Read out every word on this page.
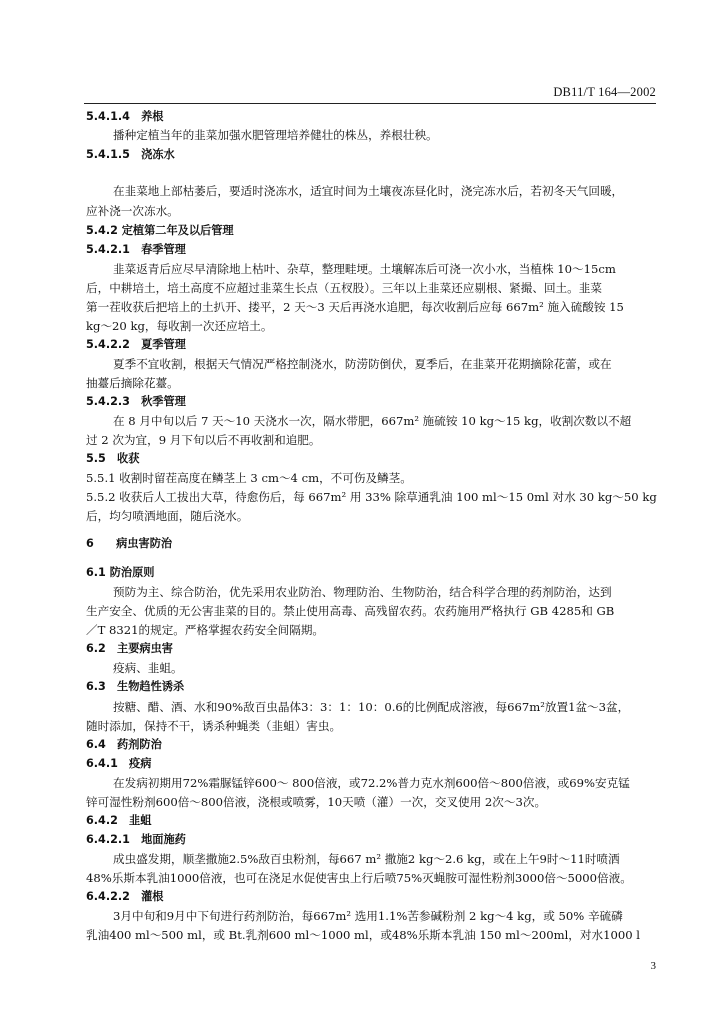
DB11/T 164—2002
5.4.1.4　养根
播种定植当年的韭菜加强水肥管理培养健壮的株丛，养根壮秧。
5.4.1.5　浇冻水
在韭菜地上部枯萎后，要适时浇冻水，适宜时间为土壤夜冻昼化时，浇完冻水后，若初冬天气回暖，
应补浇一次冻水。
5.4.2 定植第二年及以后管理
5.4.2.1　春季管理
韭菜返青后应尽早清除地上枯叶、杂草，整理畦埂。土壤解冻后可浇一次小水，当植株 10～15cm
后，中耕培土，培土高度不应超过韭菜生长点（五杈股）。三年以上韭菜还应剔根、紧撮、回土。韭菜
第一茬收获后把培上的土扒开、搂平，2 天～3 天后再浇水追肥，每次收割后应每 667m² 施入硫酸铵 15
kg～20 kg，每收割一次还应培土。
5.4.2.2　夏季管理
夏季不宜收割，根据天气情况严格控制浇水，防涝防倒伏，夏季后，在韭菜开花期摘除花蕾，或在
抽薹后摘除花薹。
5.4.2.3　秋季管理
在 8 月中旬以后 7 天～10 天浇水一次，隔水带肥，667m² 施硫铵 10 kg～15 kg，收割次数以不超
过 2 次为宜，9 月下旬以后不再收割和追肥。
5.5　收获
5.5.1 收割时留茬高度在鳞茎上 3 cm～4 cm，不可伤及鳞茎。
5.5.2 收获后人工拔出大草，待愈伤后，每 667m² 用 33% 除草通乳油 100 ml～15 0ml 对水 30 kg～50 kg
后，均匀喷洒地面，随后浇水。
6　　病虫害防治
6.1 防治原则
预防为主、综合防治，优先采用农业防治、物理防治、生物防治，结合科学合理的药剂防治，达到
生产安全、优质的无公害韭菜的目的。禁止使用高毒、高残留农药。农药施用严格执行 GB 4285和 GB
／T 8321的规定。严格掌握农药安全间隔期。
6.2　主要病虫害
疫病、韭蛆。
6.3　生物趋性诱杀
按糖、醋、酒、水和90%敌百虫晶体3：3：1：10：0.6的比例配成溶液，每667m²放置1盆～3盆，
随时添加，保持不干，诱杀种蝇类（韭蛆）害虫。
6.4　药剂防治
6.4.1　疫病
在发病初期用72%霜脲锰锌600～ 800倍液，或72.2%普力克水剂600倍～800倍液，或69%安克锰
锌可湿性粉剂600倍～800倍液，浇根或喷雾，10天喷（灌）一次，交叉使用 2次～3次。
6.4.2　韭蛆
6.4.2.1　地面施药
成虫盛发期，顺垄撒施2.5%敌百虫粉剂，每667 m² 撒施2 kg～2.6 kg，或在上午9时～11时喷洒
48%乐斯本乳油1000倍液，也可在浇足水促使害虫上行后喷75%灭蝇胺可湿性粉剂3000倍～5000倍液。
6.4.2.2　灌根
3月中旬和9月中下旬进行药剂防治，每667m² 选用1.1%苦参碱粉剂 2 kg～4 kg，或 50% 辛硫磷
乳油400 ml～500 ml，或 Bt.乳剂600 ml～1000 ml，或48%乐斯本乳油 150 ml～200ml，对水1000 l
3
